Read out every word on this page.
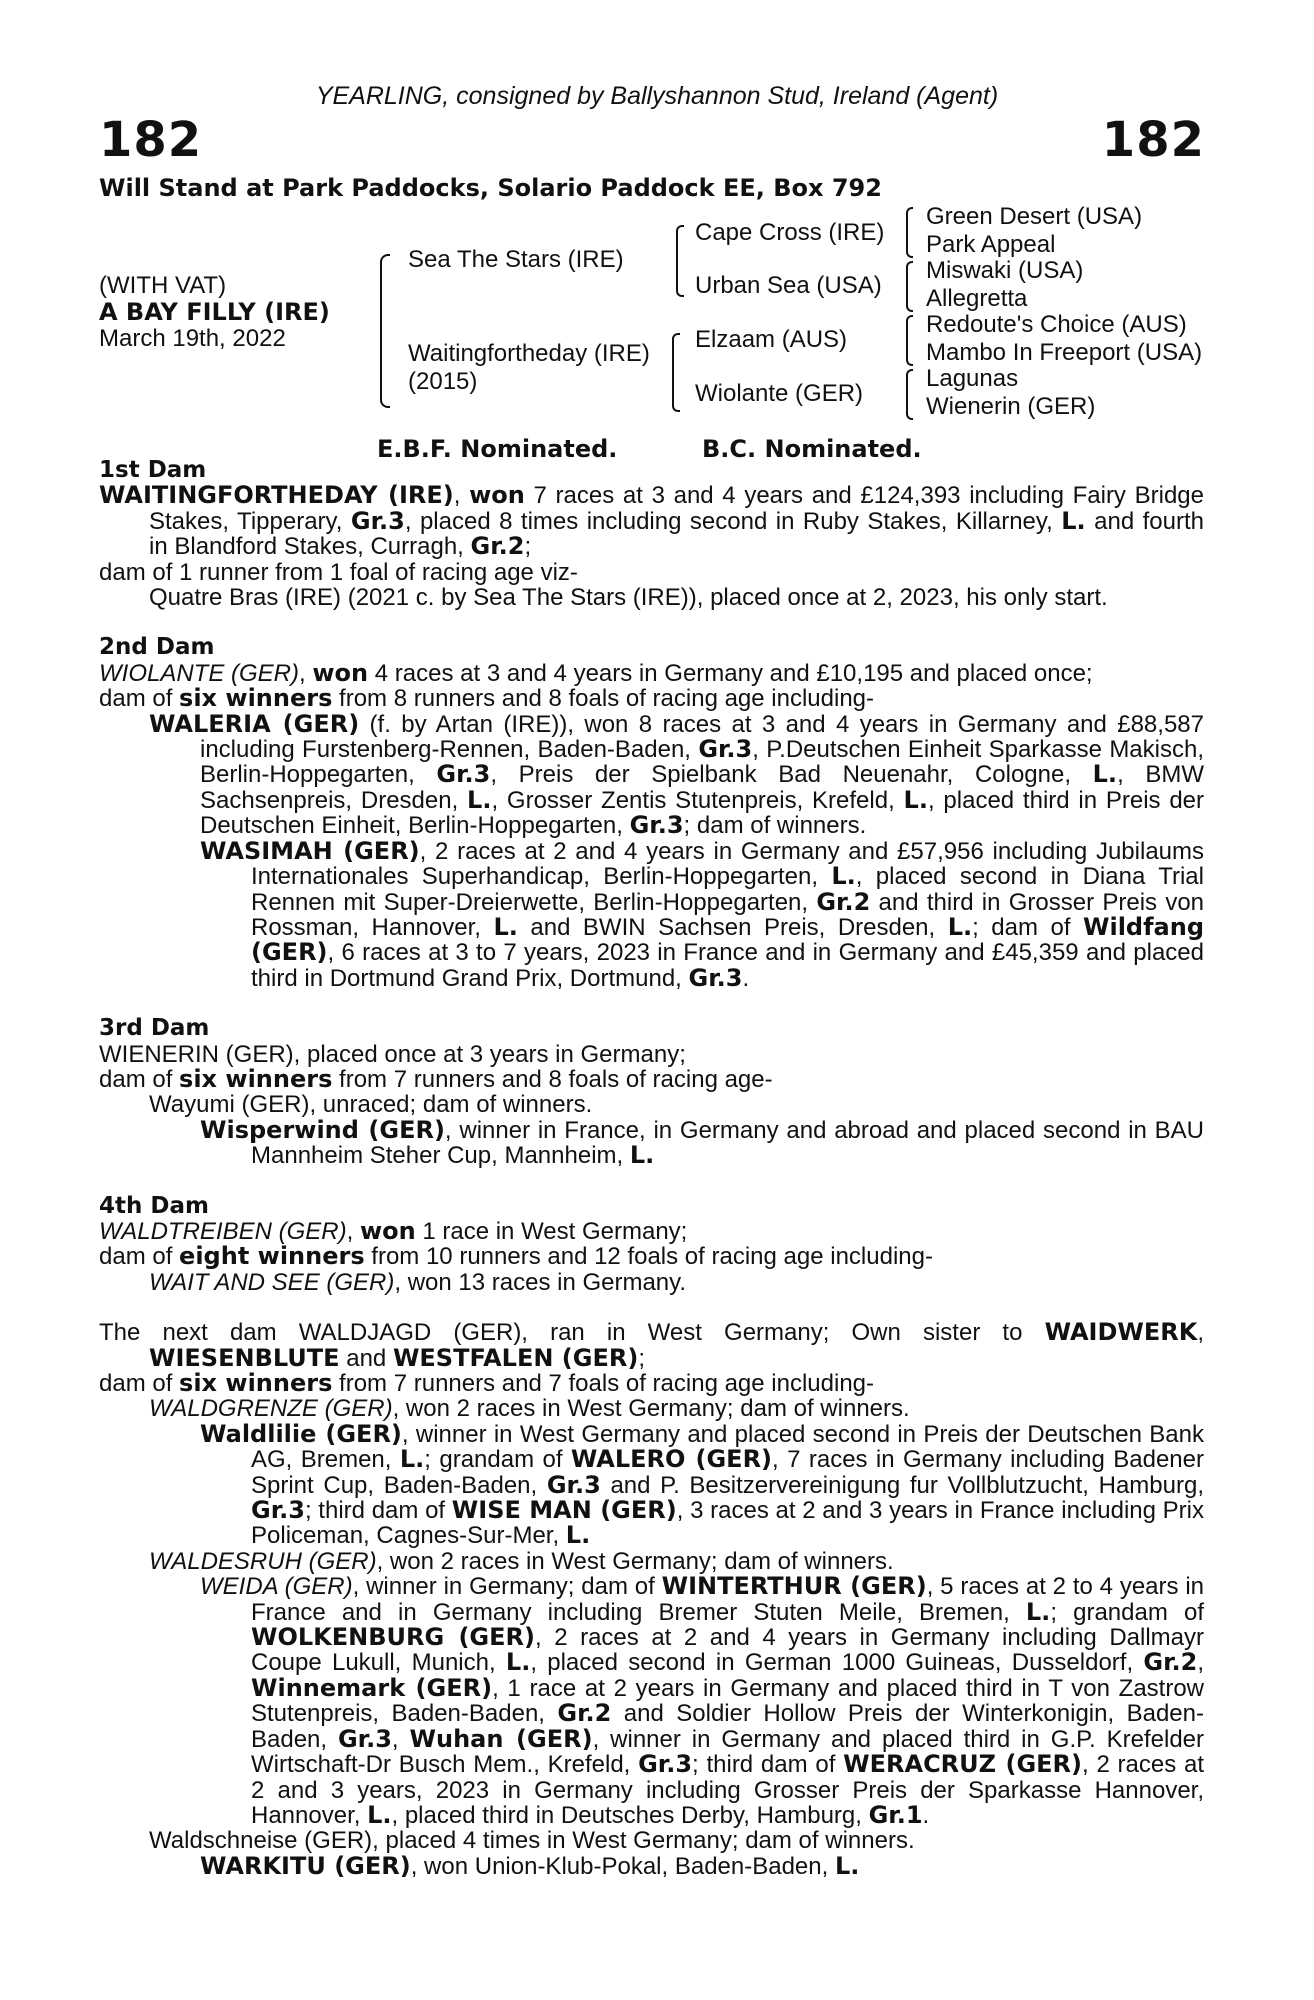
YEARLING, consigned by Ballyshannon Stud, Ireland (Agent)
182	182
Will Stand at Park Paddocks, Solario Paddock EE, Box 792
(WITH VAT)
A BAY FILLY (IRE)
March 19th, 2022
Sea The Stars (IRE)
Waitingfortheday (IRE)
(2015)
Cape Cross (IRE)
Urban Sea (USA)
Elzaam (AUS)
Wiolante (GER)
Green Desert (USA)
Park Appeal
Miswaki (USA)
Allegretta
Redoute's Choice (AUS)
Mambo In Freeport (USA)
Lagunas
Wienerin (GER)
E.B.F. Nominated.	B.C. Nominated.
1st Dam
WAITINGFORTHEDAY (IRE), won 7 races at 3 and 4 years and £124,393 including Fairy Bridge Stakes, Tipperary, Gr.3, placed 8 times including second in Ruby Stakes, Killarney, L. and fourth in Blandford Stakes, Curragh, Gr.2;
dam of 1 runner from 1 foal of racing age viz-
Quatre Bras (IRE) (2021 c. by Sea The Stars (IRE)), placed once at 2, 2023, his only start.
2nd Dam
WIOLANTE (GER), won 4 races at 3 and 4 years in Germany and £10,195 and placed once;
dam of six winners from 8 runners and 8 foals of racing age including-
WALERIA (GER) (f. by Artan (IRE)), won 8 races at 3 and 4 years in Germany and £88,587 including Furstenberg-Rennen, Baden-Baden, Gr.3, P.Deutschen Einheit Sparkasse Makisch, Berlin-Hoppegarten, Gr.3, Preis der Spielbank Bad Neuenahr, Cologne, L., BMW Sachsenpreis, Dresden, L., Grosser Zentis Stutenpreis, Krefeld, L., placed third in Preis der Deutschen Einheit, Berlin-Hoppegarten, Gr.3; dam of winners.
WASIMAH (GER), 2 races at 2 and 4 years in Germany and £57,956 including Jubilaums Internationales Superhandicap, Berlin-Hoppegarten, L., placed second in Diana Trial Rennen mit Super-Dreierwette, Berlin-Hoppegarten, Gr.2 and third in Grosser Preis von Rossman, Hannover, L. and BWIN Sachsen Preis, Dresden, L.; dam of Wildfang (GER), 6 races at 3 to 7 years, 2023 in France and in Germany and £45,359 and placed third in Dortmund Grand Prix, Dortmund, Gr.3.
3rd Dam
WIENERIN (GER), placed once at 3 years in Germany;
dam of six winners from 7 runners and 8 foals of racing age-
Wayumi (GER), unraced; dam of winners.
Wisperwind (GER), winner in France, in Germany and abroad and placed second in BAU Mannheim Steher Cup, Mannheim, L.
4th Dam
WALDTREIBEN (GER), won 1 race in West Germany;
dam of eight winners from 10 runners and 12 foals of racing age including-
WAIT AND SEE (GER), won 13 races in Germany.
The next dam WALDJAGD (GER), ran in West Germany; Own sister to WAIDWERK, WIESENBLUTE and WESTFALEN (GER);
dam of six winners from 7 runners and 7 foals of racing age including-
WALDGRENZE (GER), won 2 races in West Germany; dam of winners.
Waldlilie (GER), winner in West Germany and placed second in Preis der Deutschen Bank AG, Bremen, L.; grandam of WALERO (GER), 7 races in Germany including Badener Sprint Cup, Baden-Baden, Gr.3 and P. Besitzervereinigung fur Vollblutzucht, Hamburg, Gr.3; third dam of WISE MAN (GER), 3 races at 2 and 3 years in France including Prix Policeman, Cagnes-Sur-Mer, L.
WALDESRUH (GER), won 2 races in West Germany; dam of winners.
WEIDA (GER), winner in Germany; dam of WINTERTHUR (GER), 5 races at 2 to 4 years in France and in Germany including Bremer Stuten Meile, Bremen, L.; grandam of WOLKENBURG (GER), 2 races at 2 and 4 years in Germany including Dallmayr Coupe Lukull, Munich, L., placed second in German 1000 Guineas, Dusseldorf, Gr.2, Winnemark (GER), 1 race at 2 years in Germany and placed third in T von Zastrow Stutenpreis, Baden-Baden, Gr.2 and Soldier Hollow Preis der Winterkonigin, Baden-Baden, Gr.3, Wuhan (GER), winner in Germany and placed third in G.P. Krefelder Wirtschaft-Dr Busch Mem., Krefeld, Gr.3; third dam of WERACRUZ (GER), 2 races at 2 and 3 years, 2023 in Germany including Grosser Preis der Sparkasse Hannover, Hannover, L., placed third in Deutsches Derby, Hamburg, Gr.1.
Waldschneise (GER), placed 4 times in West Germany; dam of winners.
WARKITU (GER), won Union-Klub-Pokal, Baden-Baden, L.
